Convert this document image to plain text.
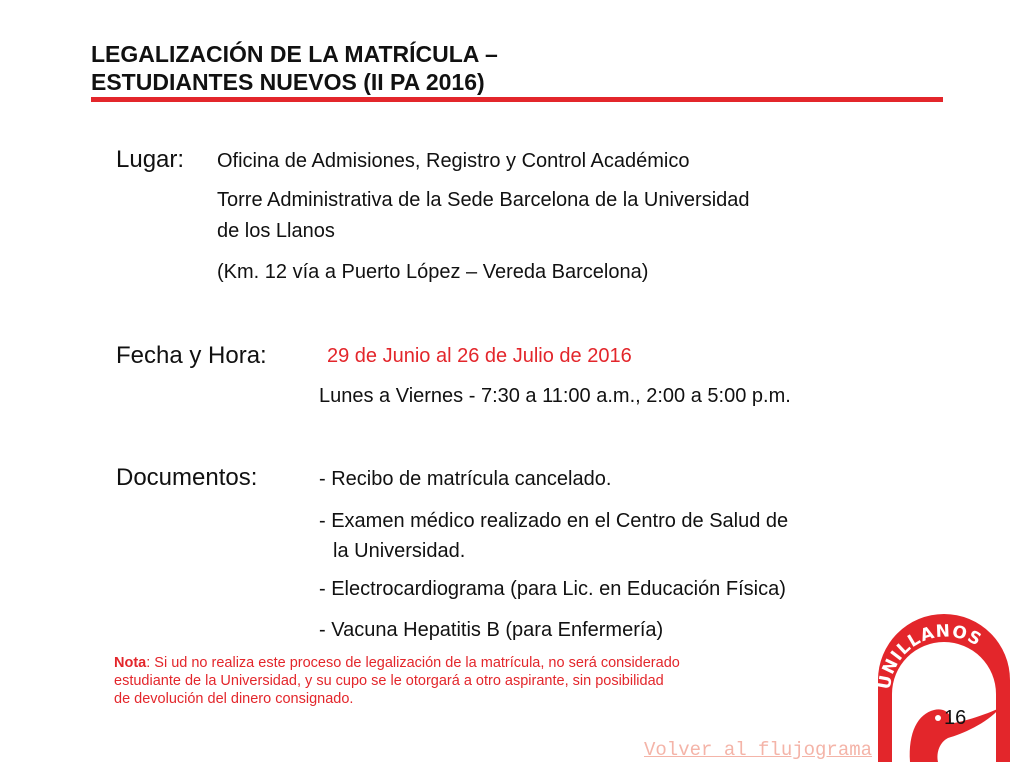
LEGALIZACIÓN DE LA MATRÍCULA –
ESTUDIANTES NUEVOS (II PA 2016)
Lugar: Oficina de Admisiones, Registro y Control Académico
Torre Administrativa de la Sede Barcelona de la Universidad
de los Llanos
(Km. 12 vía a Puerto López – Vereda Barcelona)
Fecha y Hora:	29 de Junio al 26 de Julio de 2016
Lunes a Viernes - 7:30 a 11:00 a.m., 2:00 a 5:00 p.m.
Documentos:	- Recibo de matrícula cancelado.
- Examen médico realizado en el Centro de Salud de
la Universidad.
- Electrocardiograma (para Lic. en Educación Física)
- Vacuna Hepatitis B (para Enfermería)
Nota: Si ud no realiza este proceso de legalización de la matrícula, no será considerado
estudiante de la Universidad, y su cupo se le otorgará a otro aspirante, sin posibilidad
de devolución del dinero consignado.
UNILLANOS
16
Volver al flujograma
